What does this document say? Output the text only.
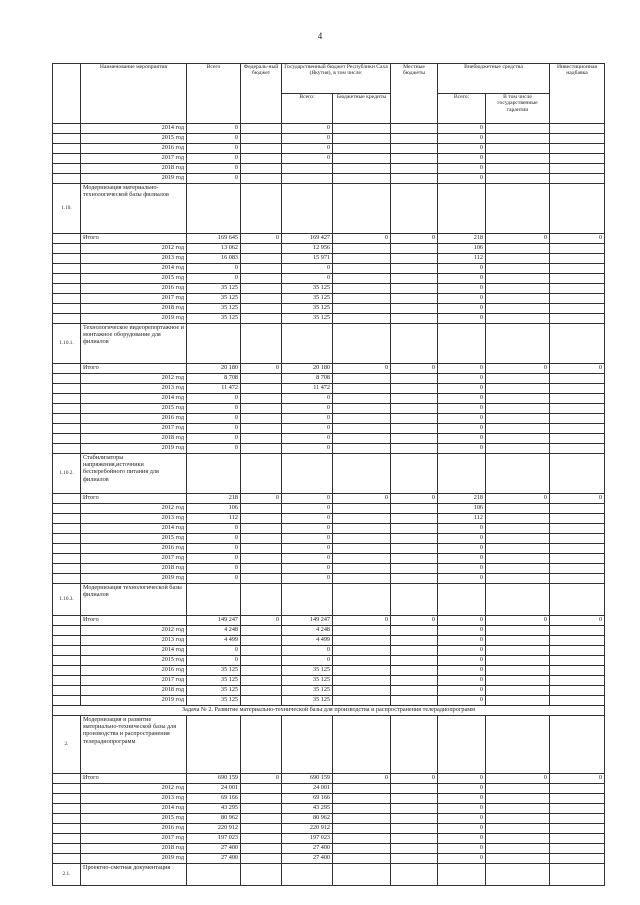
4
	Наименование мероприятия	Всего	Федераль-ный бюджет	Государственный бюджет Республики Саха (Якутия), в том числе:		Местные бюджеты	Внебюджетные средства		Инвестиционная надбавка
				Всего:	Бюджетные кредиты		Всего:	В том числе государственные гарантии	
	2014 год	0		0			0		
	2015 год	0		0			0		
	2016 год	0		0			0		
	2017 год	0		0			0		
	2018 год	0					0		
	2019 год	0					0		
1.10.	Модернизация материально-технологической базы филиалов								
	Итого	169 645	0	169 427	0	0	218	0	0
	2012 год	13 062		12 956			106		
	2013 год	16 083		15 971			112		
	2014 год	0		0			0		
	2015 год	0		0			0		
	2016 год	35 125		35 125			0		
	2017 год	35 125		35 125			0		
	2018 год	35 125		35 125			0		
	2019 год	35 125		35 125			0		
1.10.1.	Технологическое видеорепортажное и монтажное оборудование для филиалов								
	Итого	20 180	0	20 180	0	0	0	0	0
	2012 год	8 708		8 708			0		
	2013 год	11 472		11 472			0		
	2014 год	0		0			0		
	2015 год	0		0			0		
	2016 год	0		0			0		
	2017 год	0		0			0		
	2018 год	0		0			0		
	2019 год	0		0			0		
1.10.2.	Стабилизаторы напряжения,источники бесперебойного питания для филиалов								
	Итого	218	0	0	0	0	218	0	0
	2012 год	106		0			106		
	2013 год	112		0			112		
	2014 год	0		0			0		
	2015 год	0		0			0		
	2016 год	0		0			0		
	2017 год	0		0			0		
	2018 год	0		0			0		
	2019 год	0		0			0		
1.10.3.	Модернизация технологической базы филиалов								
	Итого	149 247	0	149 247	0	0	0	0	0
	2012 год	4 248		4 248			0		
	2013 год	4 499		4 499			0		
	2014 год	0		0			0		
	2015 год	0		0			0		
	2016 год	35 125		35 125			0		
	2017 год	35 125		35 125			0		
	2018 год	35 125		35 125			0		
	2019 год	35 125		35 125			0		
Задача № 2. Развитие материально-технической базы для производства и распространения телерадиопрограмм									
2.	Модернизация и развитие материально-технической базы для производства и распространения телерадиопрограмм								
	Итого	690 159	0	690 159	0	0	0	0	0
	2012 год	24 001		24 001			0		
	2013 год	69 166		69 166			0		
	2014 год	43 295		43 295			0		
	2015 год	80 962		80 962			0		
	2016 год	220 912		220 912			0		
	2017 год	197 023		197 023			0		
	2018 год	27 400		27 400			0		
	2019 год	27 400		27 400			0		
2.1.	Проектно-сметная документация								
